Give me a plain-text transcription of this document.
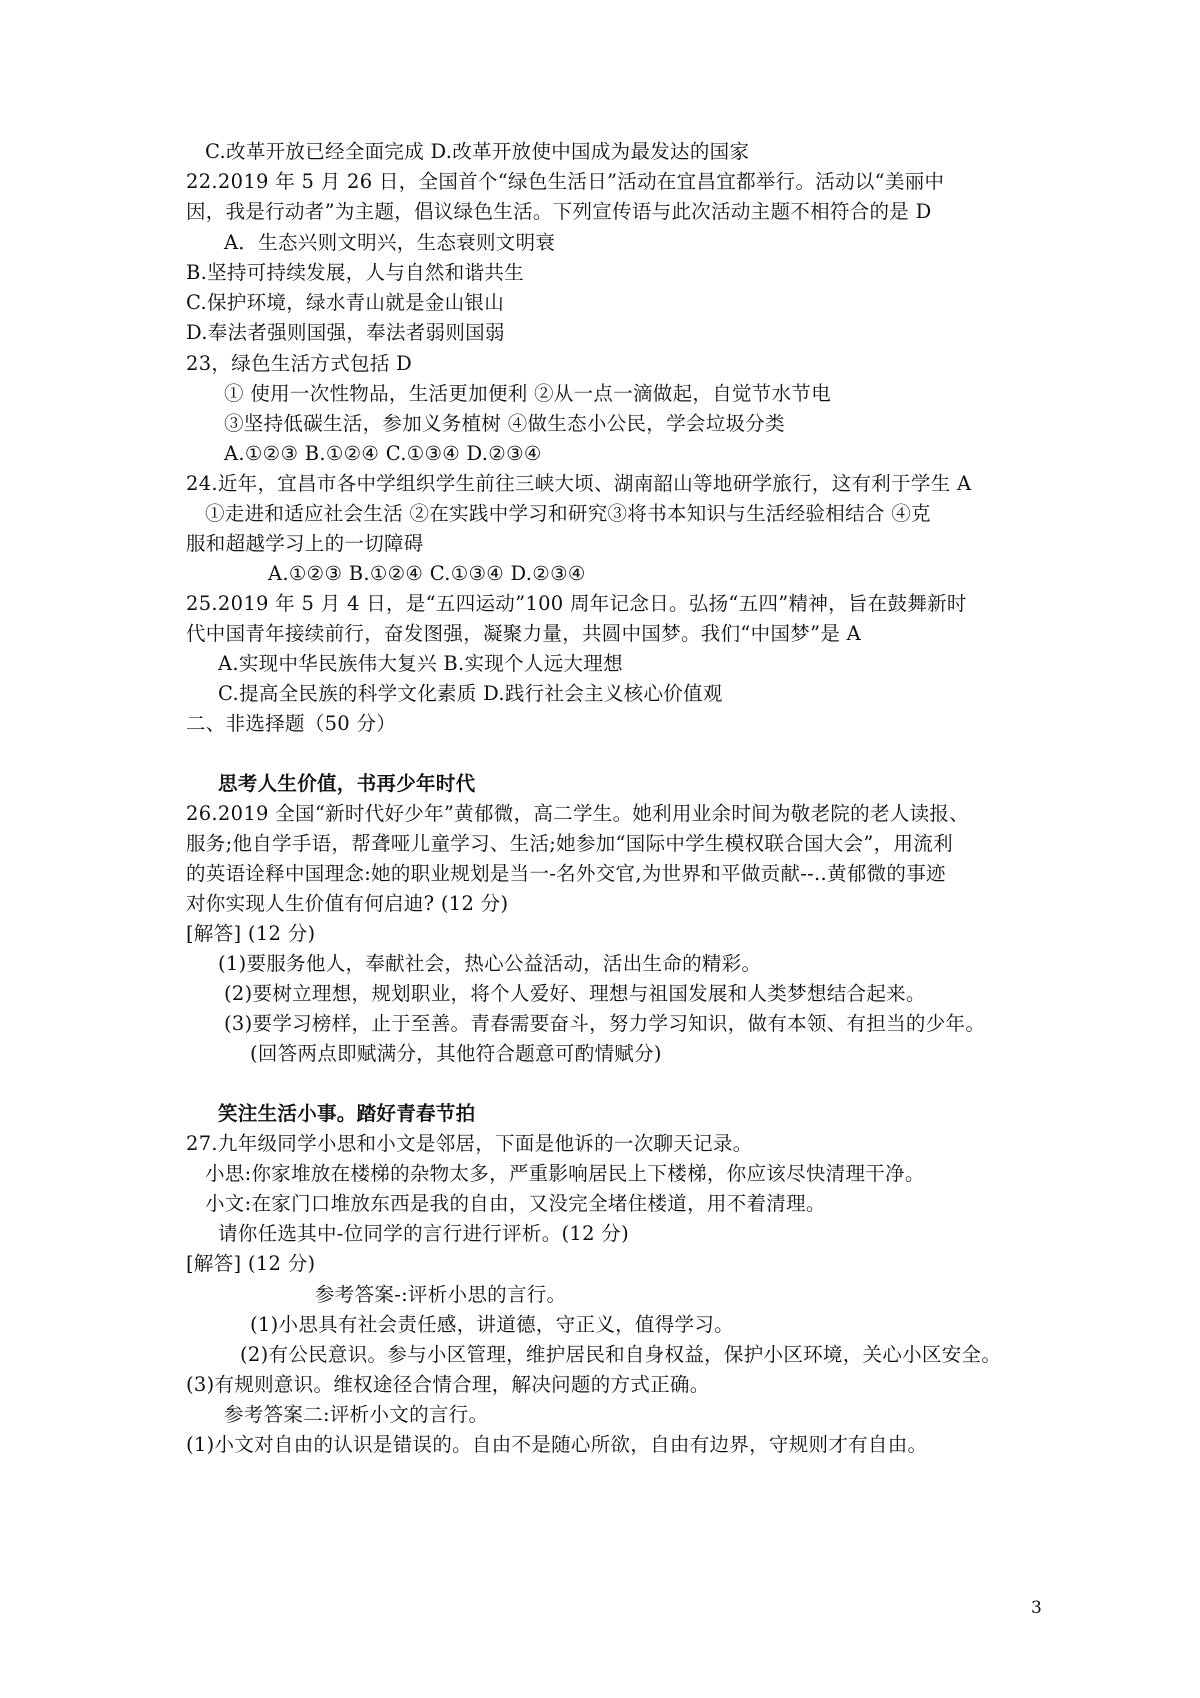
C.改革开放已经全面完成 D.改革开放使中国成为最发达的国家
22.2019 年 5 月 26 日，全国首个“绿色生活日”活动在宜昌宜都举行。活动以“美丽中
因，我是行动者”为主题，倡议绿色生活。下列宣传语与此次活动主题不相符合的是 D
A．生态兴则文明兴，生态衰则文明衰
B.坚持可持续发展，人与自然和谐共生
C.保护环境，绿水青山就是金山银山
D.奉法者强则国强，奉法者弱则国弱
23，绿色生活方式包括 D
① 使用一次性物品，生活更加便利 ②从一点一滴做起，自觉节水节电
③坚持低碳生活，参加义务植树 ④做生态小公民，学会垃圾分类
A.①②③ B.①②④ C.①③④ D.②③④
24.近年，宜昌市各中学组织学生前往三峡大顷、湖南韶山等地研学旅行，这有利于学生 A
①走进和适应社会生活 ②在实践中学习和研究③将书本知识与生活经验相结合 ④克
服和超越学习上的一切障碍
A.①②③ B.①②④ C.①③④ D.②③④
25.2019 年 5 月 4 日，是“五四运动”100 周年记念日。弘扬“五四”精神，旨在鼓舞新时
代中国青年接续前行，奋发图强，凝聚力量，共圆中国梦。我们“中国梦”是 A
A.实现中华民族伟大复兴 B.实现个人远大理想
C.提高全民族的科学文化素质 D.践行社会主义核心价值观
二、非选择题（50 分）
思考人生价值，书再少年时代
26.2019 全国“新时代好少年”黄郁微，高二学生。她利用业余时间为敬老院的老人读报、
服务;他自学手语，帮聋哑儿童学习、生活;她参加“国际中学生模权联合国大会”，用流利
的英语诠释中国理念:她的职业规划是当一-名外交官,为世界和平做贡献--..黄郁微的事迹
对你实现人生价值有何启迪? (12 分)
[解答] (12 分)
(1)要服务他人，奉献社会，热心公益活动，活出生命的精彩。
(2)要树立理想，规划职业，将个人爱好、理想与祖国发展和人类梦想结合起来。
(3)要学习榜样，止于至善。青春需要奋斗，努力学习知识，做有本领、有担当的少年。
(回答两点即赋满分，其他符合题意可酌情赋分)
笑注生活小事。踏好青春节拍
27.九年级同学小思和小文是邻居，下面是他诉的一次聊天记录。
小思:你家堆放在楼梯的杂物太多，严重影响居民上下楼梯，你应该尽快清理干净。
小文:在家门口堆放东西是我的自由，又没完全堵住楼道，用不着清理。
请你任选其中-位同学的言行进行评析。(12 分)
[解答] (12 分)
参考答案-:评析小思的言行。
(1)小思具有社会责任感，讲道德，守正义，值得学习。
(2)有公民意识。参与小区管理，维护居民和自身权益，保护小区环境，关心小区安全。
(3)有规则意识。维权途径合情合理，解决问题的方式正确。
参考答案二:评析小文的言行。
(1)小文对自由的认识是错误的。自由不是随心所欲，自由有边界，守规则才有自由。
3
